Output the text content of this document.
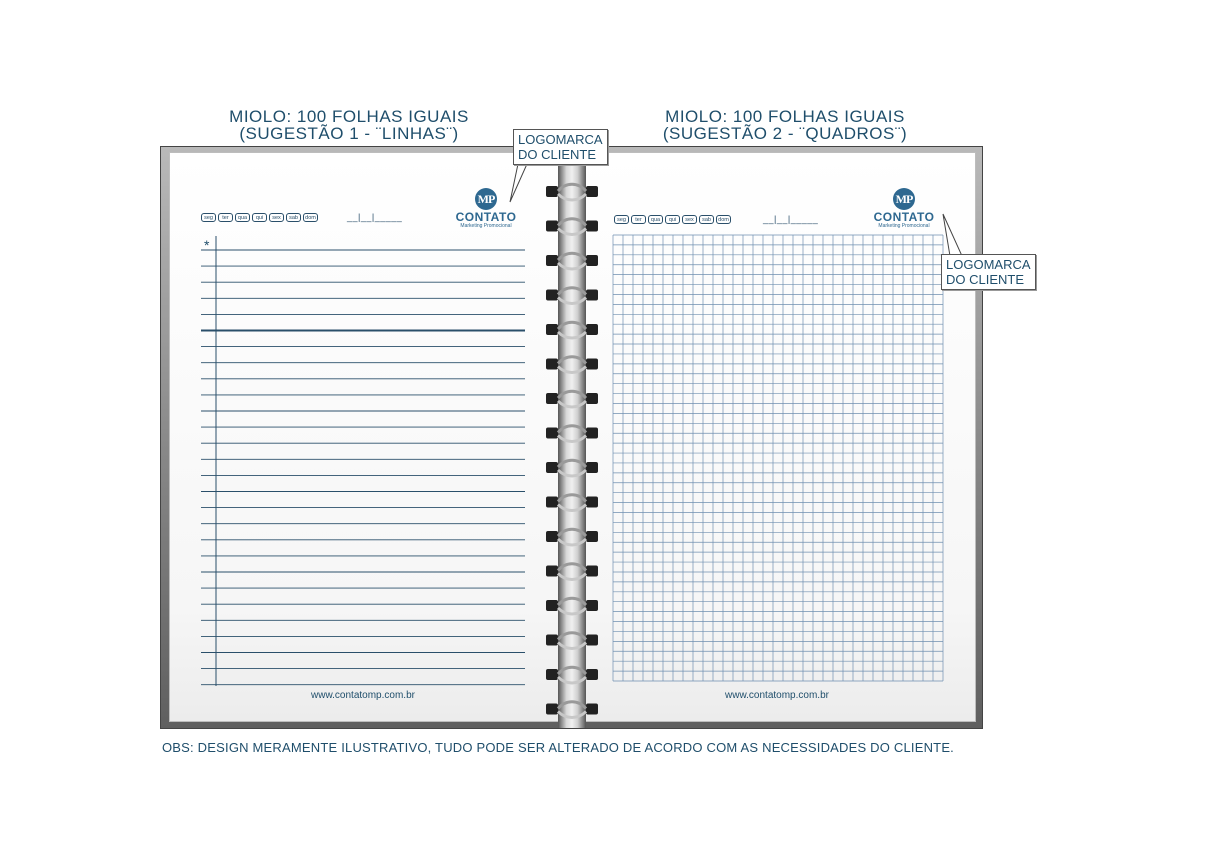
MIOLO: 100 FOLHAS IGUAIS
(SUGESTÃO 1 - ¨LINHAS¨)
MIOLO: 100 FOLHAS IGUAIS
(SUGESTÃO 2 - ¨QUADROS¨)
seg	ter	qua	qui	sex	sab	dom	__|__|_____
MP
CONTATO
Marketing Promocional
*
www.contatomp.com.br
seg	ter	qua	qui	sex	sab	dom	__|__|_____
MP
CONTATO
Marketing Promocional
www.contatomp.com.br
LOGOMARCA
DO CLIENTE
LOGOMARCA
DO CLIENTE
OBS: DESIGN MERAMENTE ILUSTRATIVO, TUDO PODE SER ALTERADO DE ACORDO COM AS NECESSIDADES DO CLIENTE.
